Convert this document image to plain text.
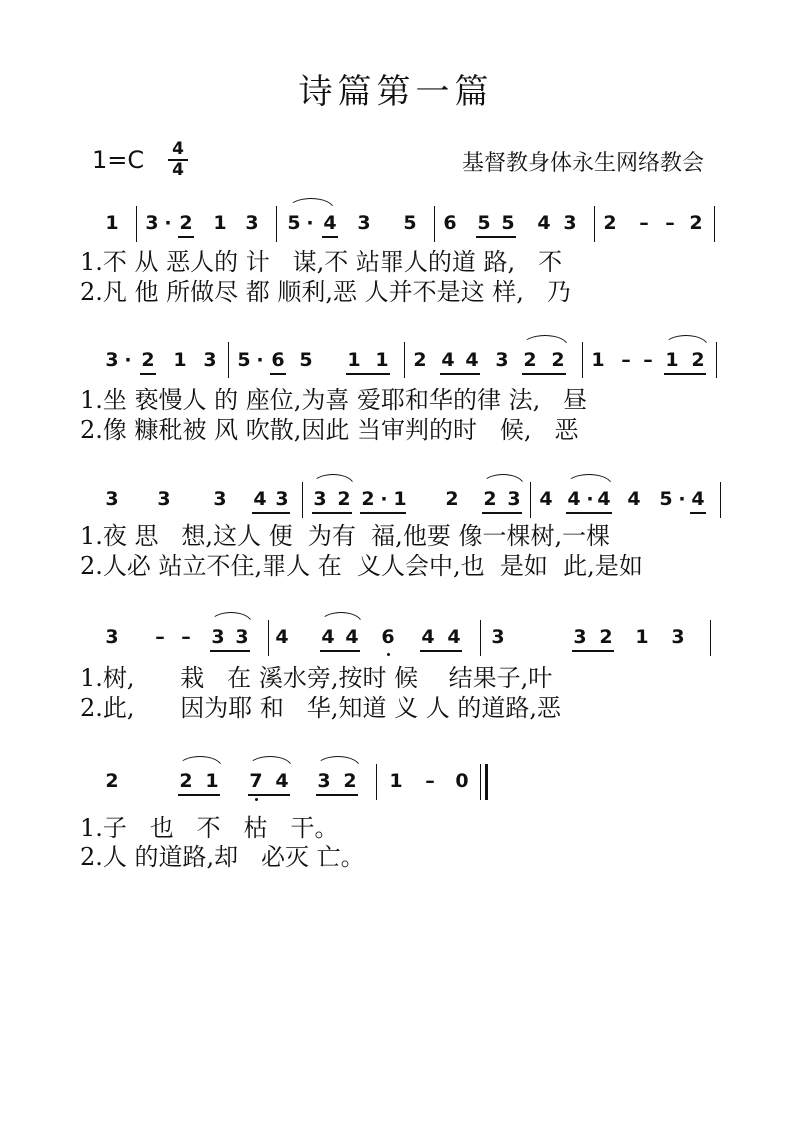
诗篇第一篇
1=C 4
4	基督教身体永生网络教会
1 3 · 2 1 3 5 · 4 3 5 6 5 5 4 3 2 – – 2
1.不 从 恶人的 计   谋,不 站罪人的道 路,   不
2.凡 他 所做尽 都 顺利,恶 人并不是这 样,   乃
3 · 2 1 3 5 · 6 5 1 1 2 4 4 3 2 2 1 – – 1 2
1.坐 亵慢人 的 座位,为喜 爱耶和华的律 法,   昼
2.像 糠秕被 风 吹散,因此 当审判的时   候,   恶
3 3 3 4 3 3 2 2 · 1 2 2 3 4 4 · 4 4 5 · 4
1.夜 思   想,这人 便  为有  福,他要 像一棵树,一棵
2.人必 站立不住,罪人 在  义人会中,也  是如  此,是如
3 – – 3 3 4 4 4 6 4 4 3	3 2 1 3
1.树,      栽   在 溪水旁,按时 候    结果子,叶
2.此,      因为耶 和   华,知道 义 人 的道路,恶
2	2 1 7 4 3 2 1 – 0
1.子   也   不   枯   干。
2.人 的道路,却   必灭 亡。
